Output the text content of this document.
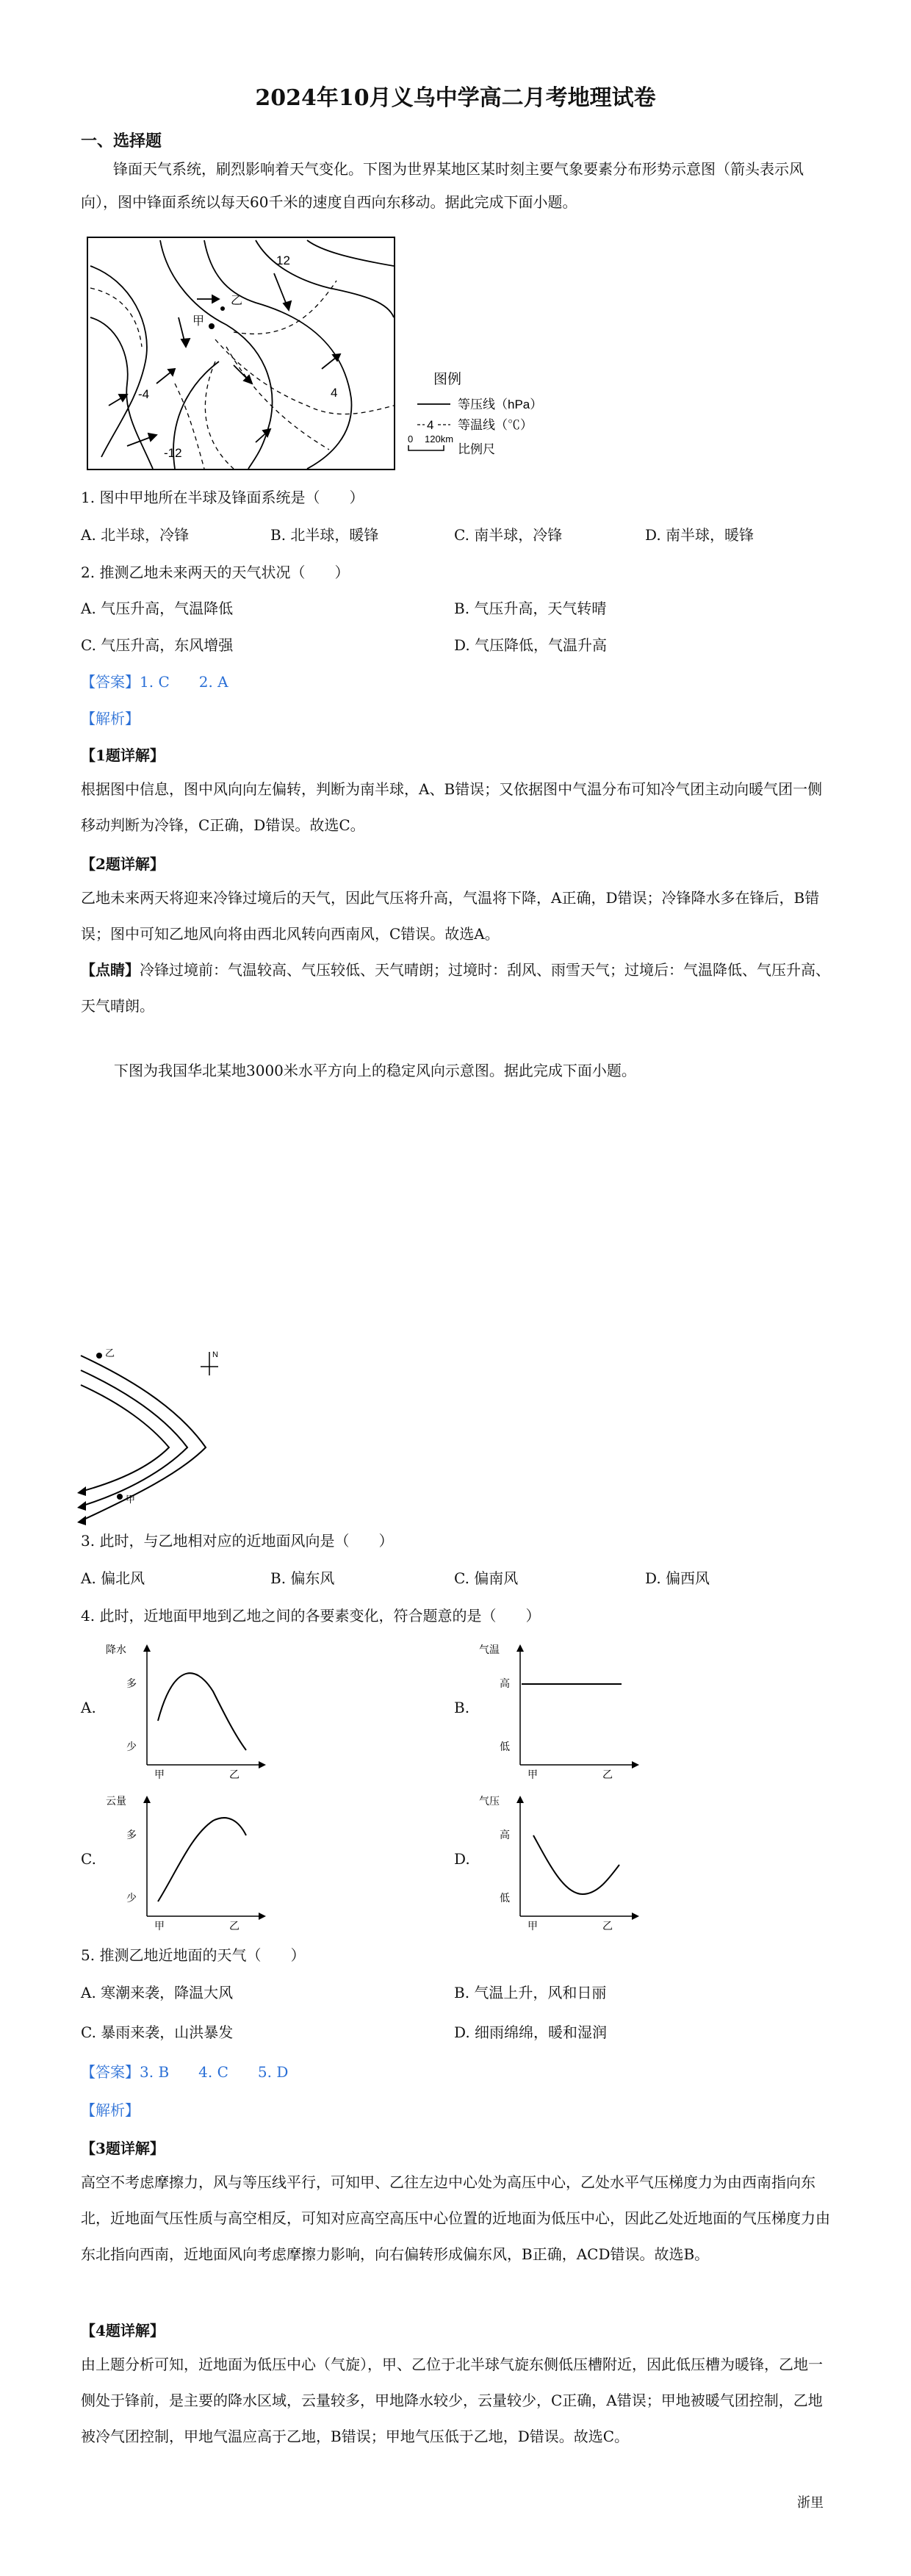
2024年10月义乌中学高二月考地理试卷
一、选择题
锋面天气系统，刷烈影响着天气变化。下图为世界某地区某时刻主要气象要素分布形势示意图（箭头表示风向），图中锋面系统以每天60千米的速度自西向东移动。据此完成下面小题。
甲
乙
12
4
-4
-12
图例
等压线（hPa）
4 等温线（℃）
0 120km
比例尺
1. 图中甲地所在半球及锋面系统是（　　）
A. 北半球，冷锋	B. 北半球，暖锋	C. 南半球，冷锋	D. 南半球，暖锋
2. 推测乙地未来两天的天气状况（　　）
A. 气压升高，气温降低	B. 气压升高，天气转晴
C. 气压升高，东风增强	D. 气压降低，气温升高
【答案】1. C　　2. A
【解析】
【1题详解】
根据图中信息，图中风向向左偏转，判断为南半球，A、B错误；又依据图中气温分布可知冷气团主动向暖气团一侧移动判断为冷锋，C正确，D错误。故选C。
【2题详解】
乙地未来两天将迎来冷锋过境后的天气，因此气压将升高，气温将下降，A正确，D错误；冷锋降水多在锋后，B错误；图中可知乙地风向将由西北风转向西南风，C错误。故选A。
【点睛】冷锋过境前：气温较高、气压较低、天气晴朗；过境时：刮风、雨雪天气；过境后：气温降低、气压升高、天气晴朗。
下图为我国华北某地3000米水平方向上的稳定风向示意图。据此完成下面小题。
乙
甲
N
3. 此时，与乙地相对应的近地面风向是（　　）
A. 偏北风	B. 偏东风	C. 偏南风	D. 偏西风
4. 此时，近地面甲地到乙地之间的各要素变化，符合题意的是（　　）
A.
降水
多
少
甲	乙
B.
气温
高
低
甲	乙
C.
云量
多
少
甲	乙
D.
气压
高
低
甲	乙
5. 推测乙地近地面的天气（　　）
A. 寒潮来袭，降温大风	B. 气温上升，风和日丽
C. 暴雨来袭，山洪暴发	D. 细雨绵绵，暖和湿润
【答案】3. B　　4. C　　5. D
【解析】
【3题详解】
高空不考虑摩擦力，风与等压线平行，可知甲、乙往左边中心处为高压中心，乙处水平气压梯度力为由西南指向东北，近地面气压性质与高空相反，可知对应高空高压中心位置的近地面为低压中心，因此乙处近地面的气压梯度力由东北指向西南，近地面风向考虑摩擦力影响，向右偏转形成偏东风，B正确，ACD错误。故选B。
【4题详解】
由上题分析可知，近地面为低压中心（气旋），甲、乙位于北半球气旋东侧低压槽附近，因此低压槽为暖锋，乙地一侧处于锋前，是主要的降水区域，云量较多，甲地降水较少，云量较少，C正确，A错误；甲地被暖气团控制，乙地被冷气团控制，甲地气温应高于乙地，B错误；甲地气压低于乙地，D错误。故选C。
浙里
